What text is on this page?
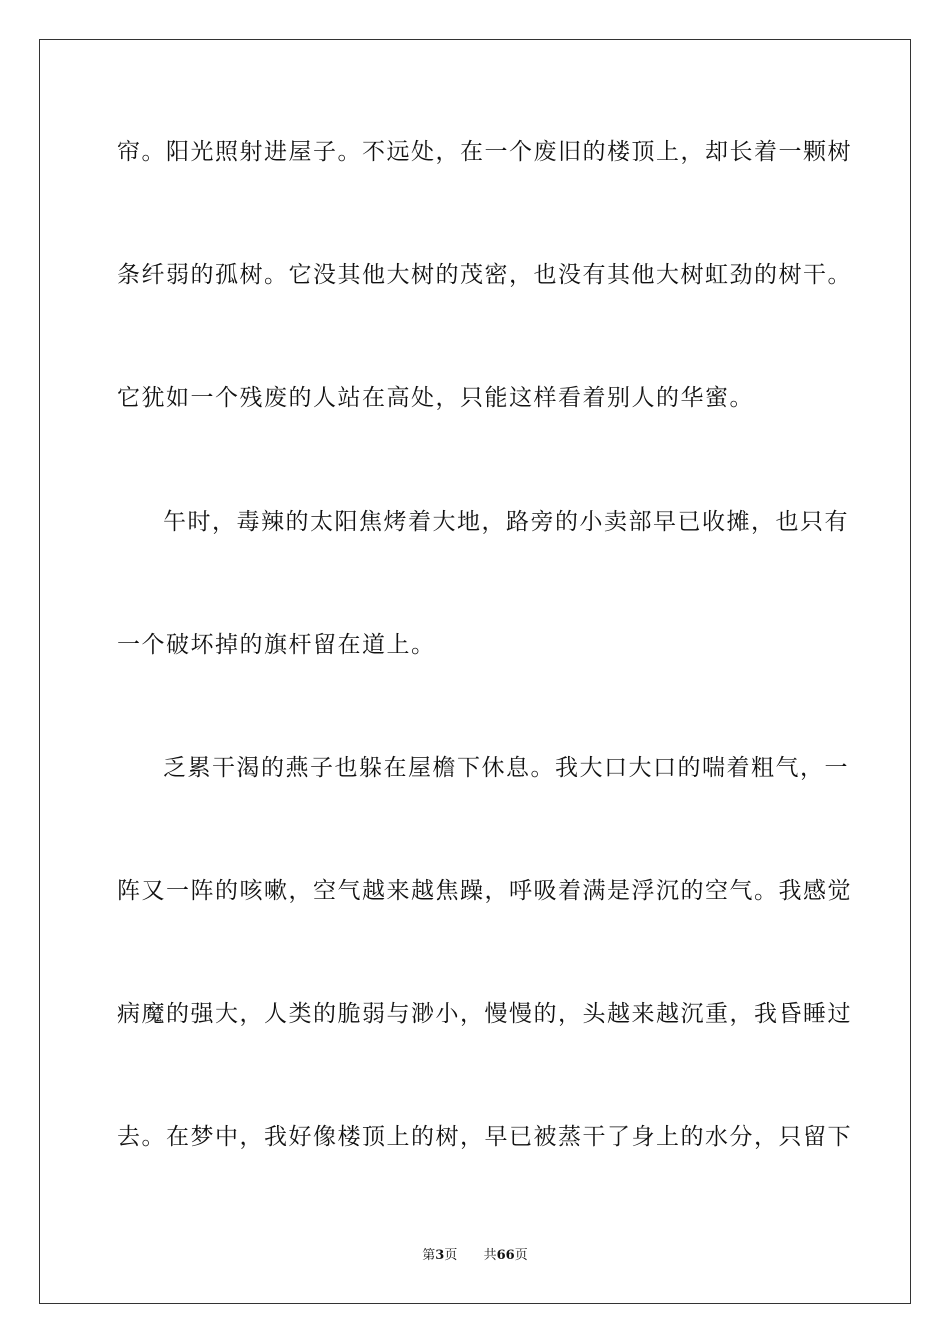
帘。阳光照射进屋子。不远处，在一个废旧的楼顶上，却长着一颗树
条纤弱的孤树。它没其他大树的茂密，也没有其他大树虹劲的树干。
它犹如一个残废的人站在高处，只能这样看着别人的华蜜。
午时，毒辣的太阳焦烤着大地，路旁的小卖部早已收摊，也只有
一个破坏掉的旗杆留在道上。
乏累干渴的燕子也躲在屋檐下休息。我大口大口的喘着粗气，一
阵又一阵的咳嗽，空气越来越焦躁，呼吸着满是浮沉的空气。我感觉
病魔的强大，人类的脆弱与渺小，慢慢的，头越来越沉重，我昏睡过
去。在梦中，我好像楼顶上的树，早已被蒸干了身上的水分，只留下
第3页 共66页
